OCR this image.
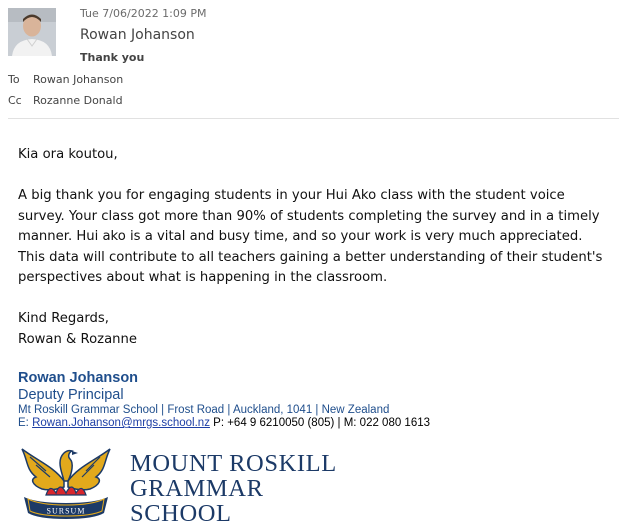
Tue 7/06/2022 1:09 PM
Rowan Johanson
Thank you
To Rowan Johanson
Cc Rozanne Donald

Kia ora koutou,

A big thank you for engaging students in your Hui Ako class with the student voice survey. Your class got more than 90% of students completing the survey and in a timely manner. Hui ako is a vital and busy time, and so your work is very much appreciated. This data will contribute to all teachers gaining a better understanding of their student's perspectives about what is happening in the classroom.

Kind Regards,

Rowan & Rozanne

Rowan Johanson
Deputy Principal
Mt Roskill Grammar School | Frost Road | Auckland, 1041 | New Zealand
E: Rowan.Johanson@mrgs.school.nz P: +64 9 6210050 (805) | M: 022 080 1613
SURSUM
MOUNT ROSKILL
GRAMMAR SCHOOL
